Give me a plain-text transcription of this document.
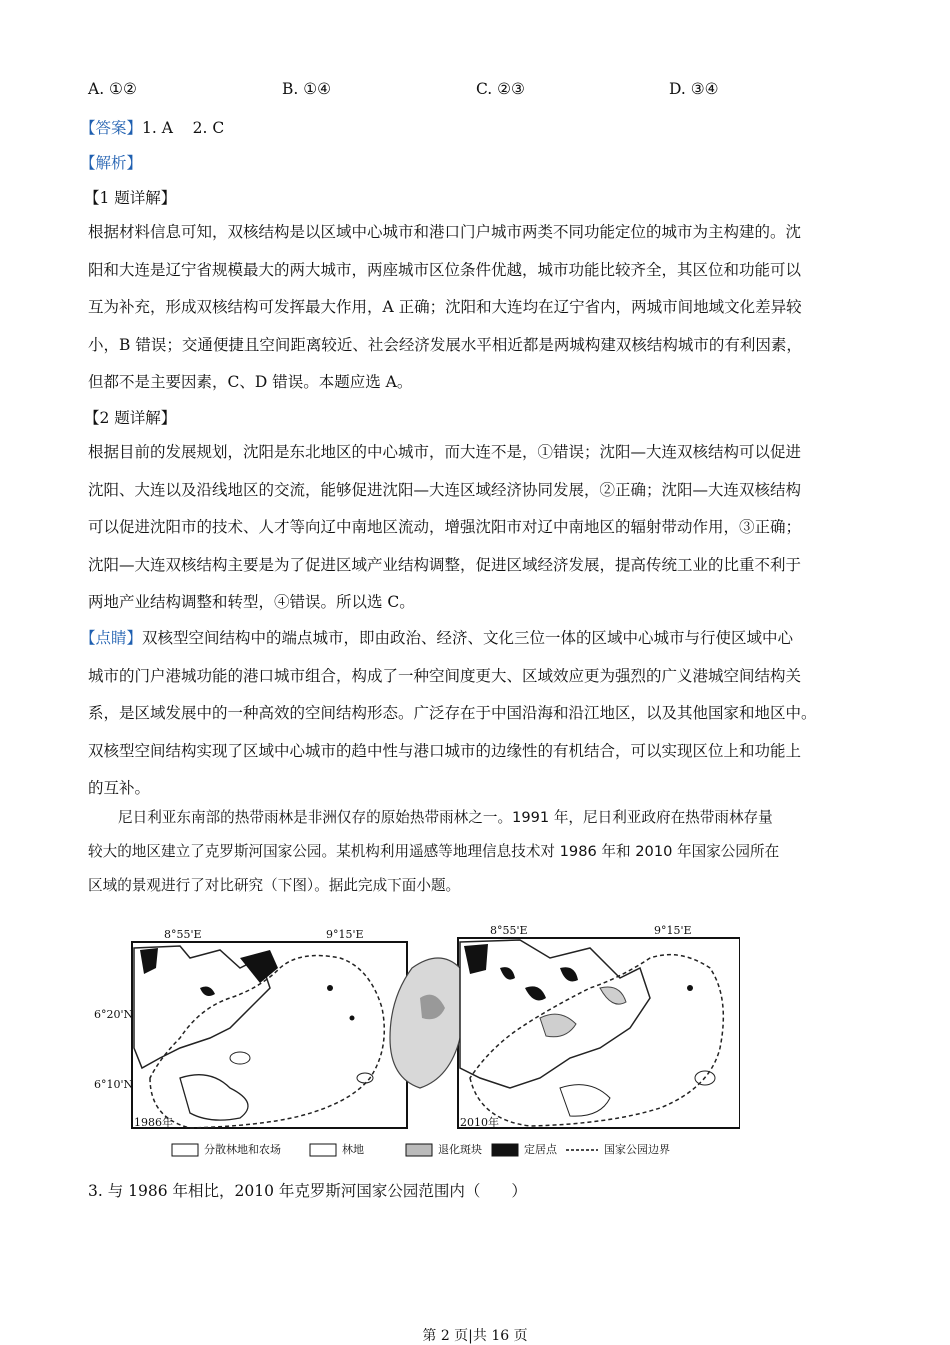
A. ①②	B. ①④	C. ②③	D. ③④
【答案】1. A    2. C
【解析】
【1 题详解】
根据材料信息可知，双核结构是以区域中心城市和港口门户城市两类不同功能定位的城市为主构建的。沈
阳和大连是辽宁省规模最大的两大城市，两座城市区位条件优越，城市功能比较齐全，其区位和功能可以
互为补充，形成双核结构可发挥最大作用，A 正确；沈阳和大连均在辽宁省内，两城市间地域文化差异较
小，B 错误；交通便捷且空间距离较近、社会经济发展水平相近都是两城构建双核结构城市的有利因素，
但都不是主要因素，C、D 错误。本题应选 A。
【2 题详解】
根据目前的发展规划，沈阳是东北地区的中心城市，而大连不是，①错误；沈阳—大连双核结构可以促进
沈阳、大连以及沿线地区的交流，能够促进沈阳—大连区域经济协同发展，②正确；沈阳—大连双核结构
可以促进沈阳市的技术、人才等向辽中南地区流动，增强沈阳市对辽中南地区的辐射带动作用，③正确；
沈阳—大连双核结构主要是为了促进区域产业结构调整，促进区域经济发展，提高传统工业的比重不利于
两地产业结构调整和转型，④错误。所以选 C。
【点睛】双核型空间结构中的端点城市，即由政治、经济、文化三位一体的区域中心城市与行使区域中心
城市的门户港城功能的港口城市组合，构成了一种空间度更大、区域效应更为强烈的广义港城空间结构关
系，是区域发展中的一种高效的空间结构形态。广泛存在于中国沿海和沿江地区，以及其他国家和地区中。
双核型空间结构实现了区域中心城市的趋中性与港口城市的边缘性的有机结合，可以实现区位上和功能上
的互补。
尼日利亚东南部的热带雨林是非洲仅存的原始热带雨林之一。1991 年，尼日利亚政府在热带雨林存量
较大的地区建立了克罗斯河国家公园。某机构利用遥感等地理信息技术对 1986 年和 2010 年国家公园所在
区域的景观进行了对比研究（下图）。据此完成下面小题。
8°55'E	9°15'E	8°55'E	9°15'E
6°20'N
6°10'N
1986年	2010年
分散林地和农场	林地	退化斑块	定居点	国家公园边界
3. 与 1986 年相比，2010 年克罗斯河国家公园范围内（　　）
第 2 页|共 16 页
